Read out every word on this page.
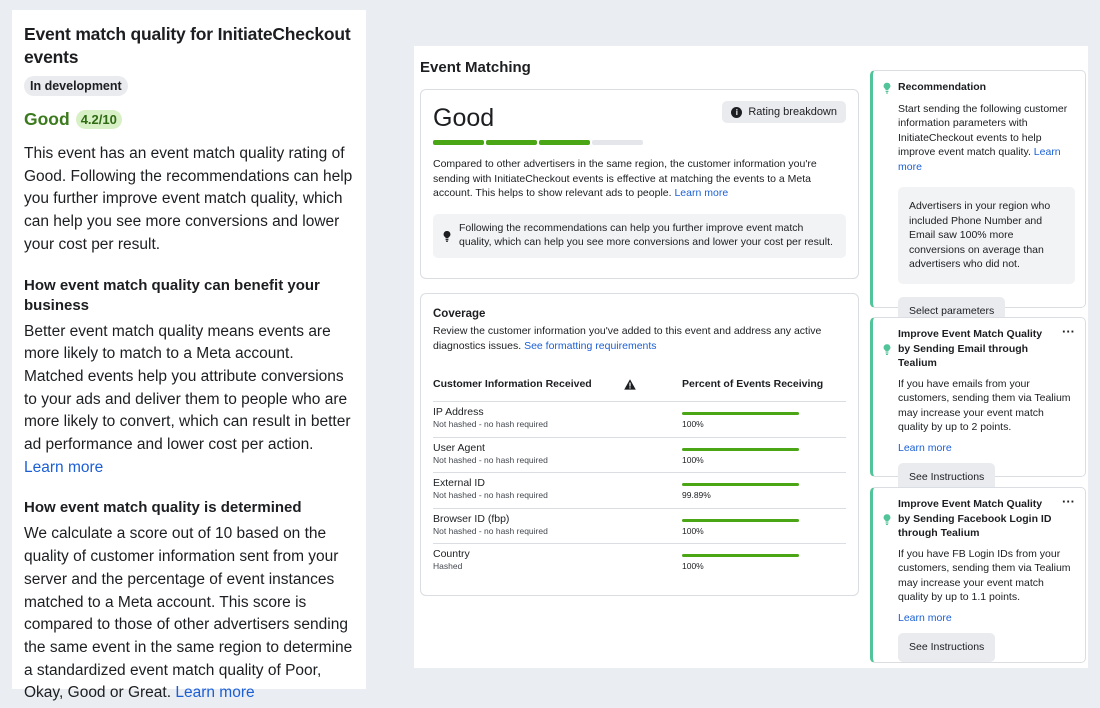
Event match quality for InitiateCheckout events
In development
Good 4.2/10

This event has an event match quality rating of Good. Following the recommendations can help you further improve event match quality, which can help you see more conversions and lower your cost per result.

How event match quality can benefit your business

Better event match quality means events are more likely to match to a Meta account. Matched events help you attribute conversions to your ads and deliver them to people who are more likely to convert, which can result in better ad performance and lower cost per action. Learn more

How event match quality is determined

We calculate a score out of 10 based on the quality of customer information sent from your server and the percentage of event instances matched to a Meta account. This score is compared to those of other advertisers sending the same event in the same region to determine a standardized event match quality of Poor, Okay, Good or Great. Learn more

Event Matching
Good	i Rating breakdown
Compared to other advertisers in the same region, the customer information you're sending with InitiateCheckout events is effective at matching the events to a Meta account. This helps to show relevant ads to people. Learn more
Following the recommendations can help you further improve event match quality, which can help you see more conversions and lower your cost per result.
Coverage
Review the customer information you've added to this event and address any active diagnostics issues. See formatting requirements
Customer Information Received	Percent of Events Receiving
IP Address
Not hashed - no hash required	100%
User Agent
Not hashed - no hash required	100%
External ID
Not hashed - no hash required	99.89%
Browser ID (fbp)
Not hashed - no hash required	100%
Country
Hashed	100%
Recommendation

Start sending the following customer information parameters with InitiateCheckout events to help improve event match quality. Learn more

Advertisers in your region who included Phone Number and Email saw 100% more conversions on average than advertisers who did not.
Select parameters
Improve Event Match Quality by Sending Email through Tealium
···

If you have emails from your customers, sending them via Tealium may increase your event match quality by up to 2 points.

Learn more
See Instructions
Improve Event Match Quality by Sending Facebook Login ID through Tealium
···

If you have FB Login IDs from your customers, sending them via Tealium may increase your event match quality by up to 1.1 points.

Learn more
See Instructions
